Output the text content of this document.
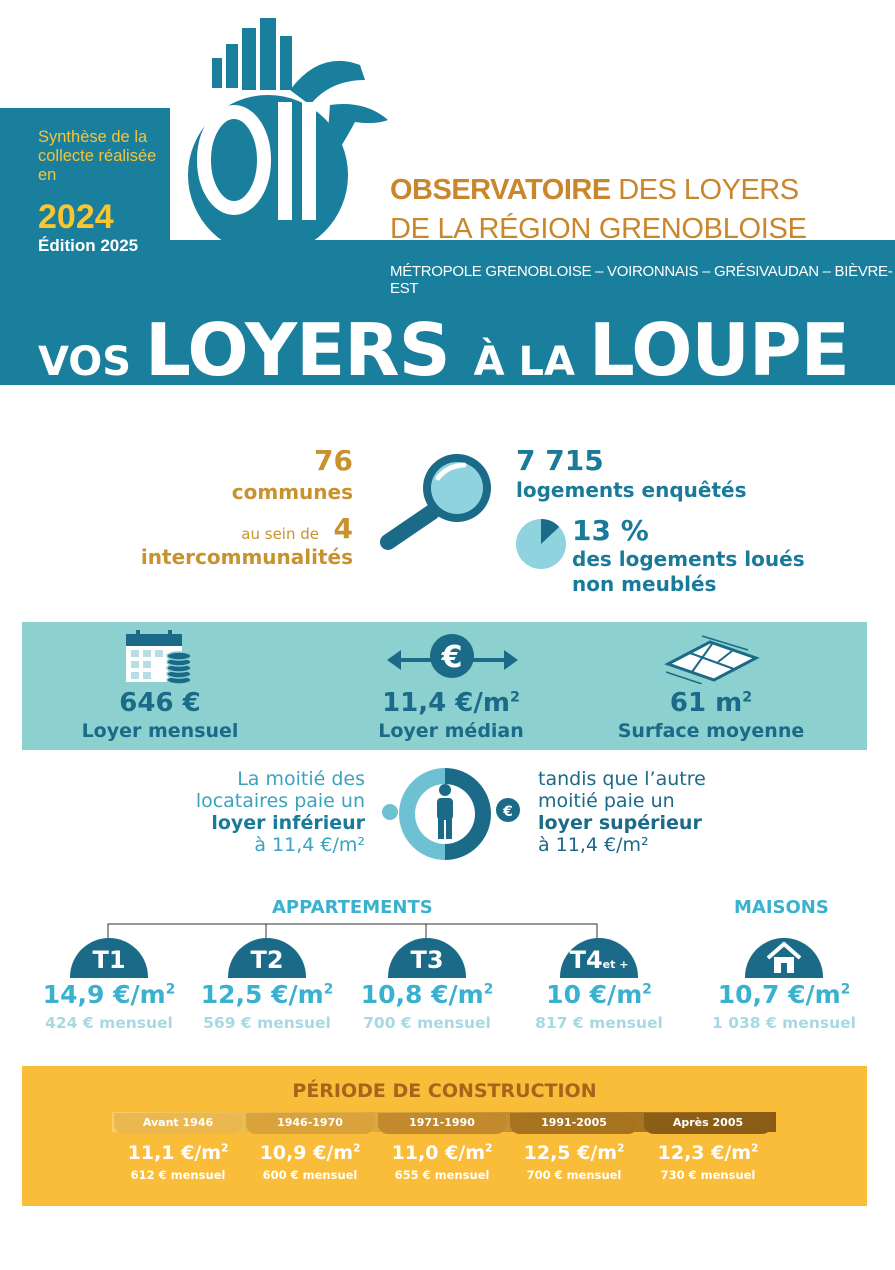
Synthèse de la collecte réalisée en
2024
Édition 2025
OBSERVATOIRE DES LOYERS
DE LA RÉGION GRENOBLOISE
MÉTROPOLE GRENOBLOISE – VOIRONNAIS – GRÉSIVAUDAN – BIÈVRE-EST
VOS LOYERS À LA LOUPE
76
communes
au sein de 4
intercommunalités
7 715
logements enquêtés
13 %
des logements loués
non meublés
€
646 €
Loyer mensuel
11,4 $€/m^2$
Loyer médian
61 $m^2$
Surface moyenne
La moitié des
locataires paie un
loyer inférieur
à 11,4 €/m²
€
tandis que l’autre
moitié paie un
loyer supérieur
à 11,4 €/m²
APPARTEMENTS	MAISONS
T1	T2	T3	T4et +
14,9 $€/m^2$	12,5 $€/m^2$	10,8 $€/m^2$	10 $€/m^2$	10,7 $€/m^2$
424 € mensuel	569 € mensuel	700 € mensuel	817 € mensuel	1 038 € mensuel
PÉRIODE DE CONSTRUCTION
Avant 1946	1946-1970	1971-1990	1991-2005	Après 2005
11,1 $€/m^2$	10,9 $€/m^2$	11,0 $€/m^2$	12,5 $€/m^2$	12,3 $€/m^2$
612 € mensuel	600 € mensuel	655 € mensuel	700 € mensuel	730 € mensuel
